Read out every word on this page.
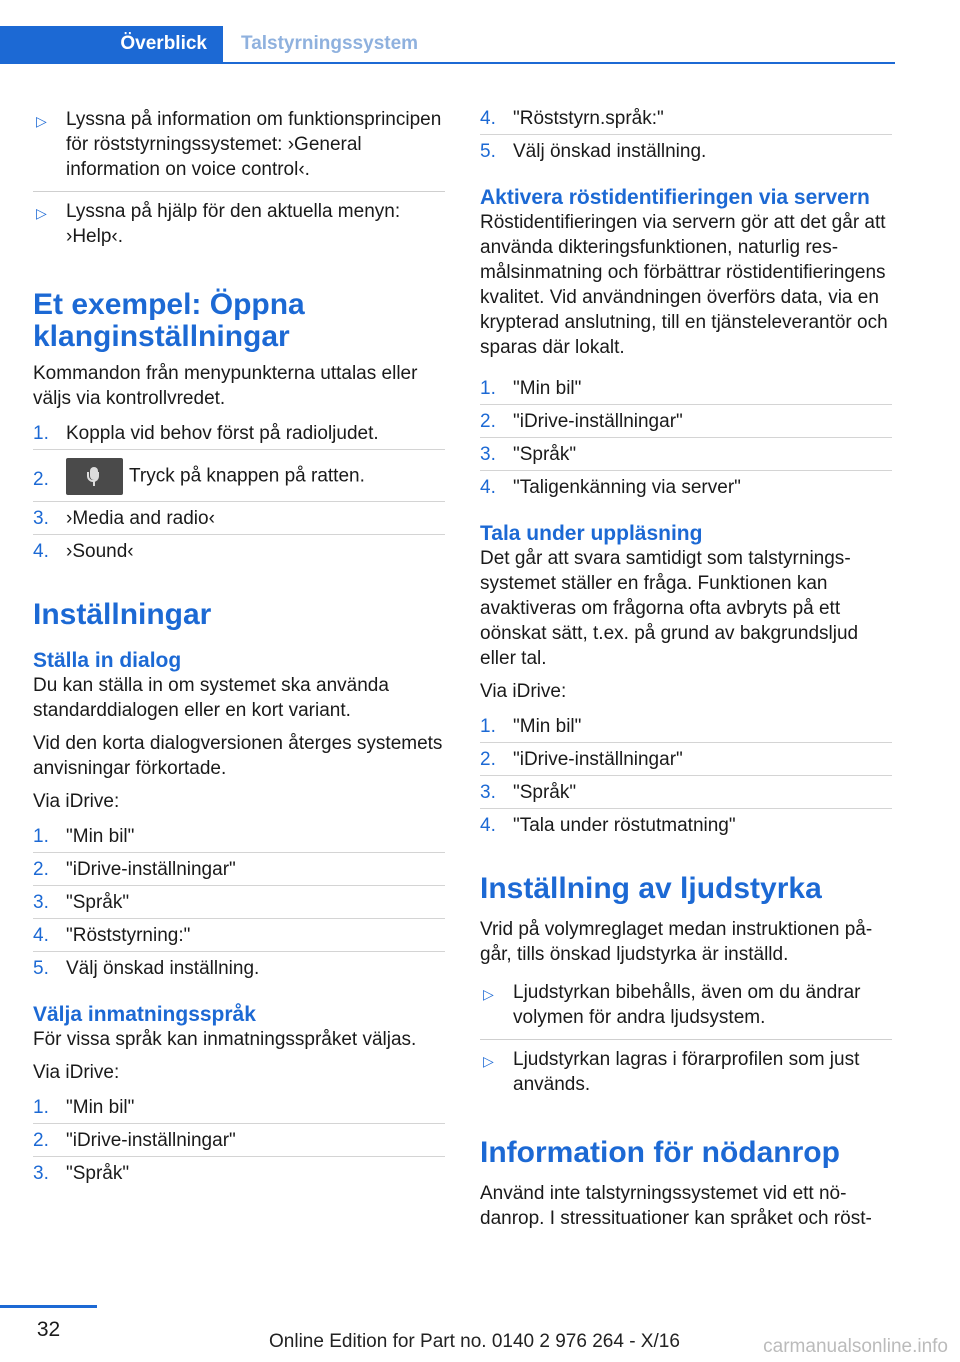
Överblick	Talstyrningssystem
▷ Lyssna på information om funktionsprincipen för röststyrningssystemet: ›General information on voice control‹.
▷ Lyssna på hjälp för den aktuella menyn: ›Help‹.
Et exempel: Öppna klanginställningar

Kommandon från menypunkterna uttalas eller väljs via kontrollvredet.

1. Koppla vid behov först på radioljudet.
2.	Tryck på knappen på ratten.
3. ›Media and radio‹
4. ›Sound‹
Inställningar
Ställa in dialog

Du kan ställa in om systemet ska använda standarddialogen eller en kort variant.

Vid den korta dialogversionen återges systemets anvisningar förkortade.

Via iDrive:

1. "Min bil"
2. "iDrive-inställningar"
3. "Språk"
4. "Röststyrning:"
5. Välj önskad inställning.
Välja inmatningsspråk

För vissa språk kan inmatningsspråket väljas.

Via iDrive:

1. "Min bil"
2. "iDrive-inställningar"
3. "Språk"
4. "Röststyrn.språk:"
5. Välj önskad inställning.
Aktivera röstidentifieringen via servern

Röstidentifieringen via servern gör att det går att använda dikteringsfunktionen, naturlig resmålsinmatning och förbättrar röstidentifieringens kvalitet. Vid användningen överförs data, via en krypterad anslutning, till en tjänsteleverantör och sparas där lokalt.

1. "Min bil"
2. "iDrive-inställningar"
3. "Språk"
4. "Taligenkänning via server"
Tala under uppläsning

Det går att svara samtidigt som talstyrningssystemet ställer en fråga. Funktionen kan avaktiveras om frågorna ofta avbryts på ett oönskat sätt, t.ex. på grund av bakgrundsljud eller tal.

Via iDrive:

1. "Min bil"
2. "iDrive-inställningar"
3. "Språk"
4. "Tala under röstutmatning"
Inställning av ljudstyrka

Vrid på volymreglaget medan instruktionen pågår, tills önskad ljudstyrka är inställd.

▷ Ljudstyrkan bibehålls, även om du ändrar volymen för andra ljudsystem.
▷ Ljudstyrkan lagras i förarprofilen som just används.
Information för nödanrop

Använd inte talstyrningssystemet vid ett nödanrop. I stressituationer kan språket och röst-

32
Online Edition for Part no. 0140 2 976 264 - X/16	carmanualsonline.info
